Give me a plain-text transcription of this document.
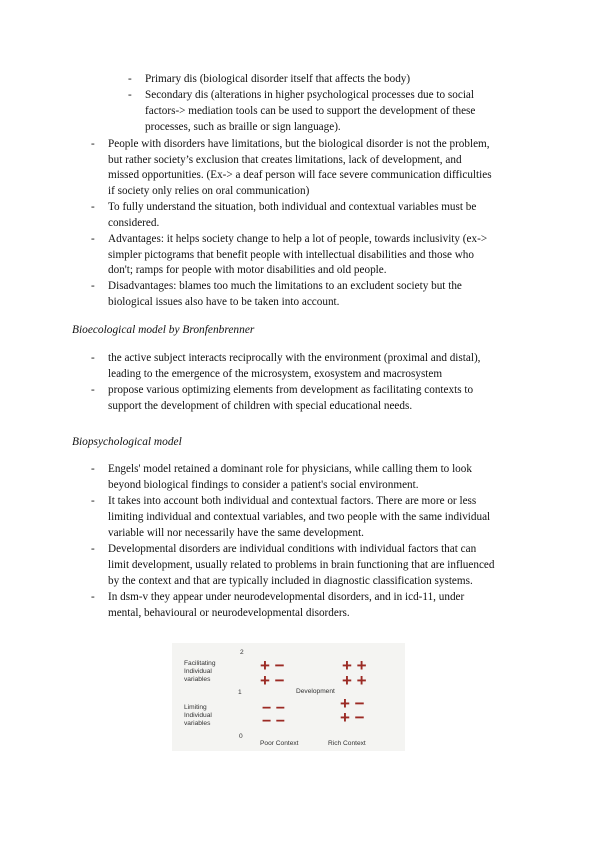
- Primary dis (biological disorder itself that affects the body)
- Secondary dis (alterations in higher psychological processes due to social
factors-> mediation tools can be used to support the development of these
processes, such as braille or sign language).
- People with disorders have limitations, but the biological disorder is not the problem,
but rather society’s exclusion that creates limitations, lack of development, and
missed opportunities. (Ex-> a deaf person will face severe communication difficulties
if society only relies on oral communication)
- To fully understand the situation, both individual and contextual variables must be
considered.
- Advantages: it helps society change to help a lot of people, towards inclusivity (ex->
simpler pictograms that benefit people with intellectual disabilities and those who
don't; ramps for people with motor disabilities and old people.
- Disadvantages: blames too much the limitations to an excludent society but the
biological issues also have to be taken into account.
Bioecological model by Bronfenbrenner
- the active subject interacts reciprocally with the environment (proximal and distal),
leading to the emergence of the microsystem, exosystem and macrosystem
- propose various optimizing elements from development as facilitating contexts to
support the development of children with special educational needs.
Biopsychological model
- Engels' model retained a dominant role for physicians, while calling them to look
beyond biological findings to consider a patient's social environment.
- It takes into account both individual and contextual factors. There are more or less
limiting individual and contextual variables, and two people with the same individual
variable will nor necessarily have the same development.
- Developmental disorders are individual conditions with individual factors that can
limit development, usually related to problems in brain functioning that are influenced
by the context and that are typically included in diagnostic classification systems.
- In dsm-v they appear under neurodevelopmental disorders, and in icd-11, under
mental, behavioural or neurodevelopmental disorders.
Facilitating
Individual
variables
Limiting
Individual
variables
2
1
0
Development
+ −
+ −
− −
− −
+ +
+ +
+ −
+ −
Poor Context	Rich Context
